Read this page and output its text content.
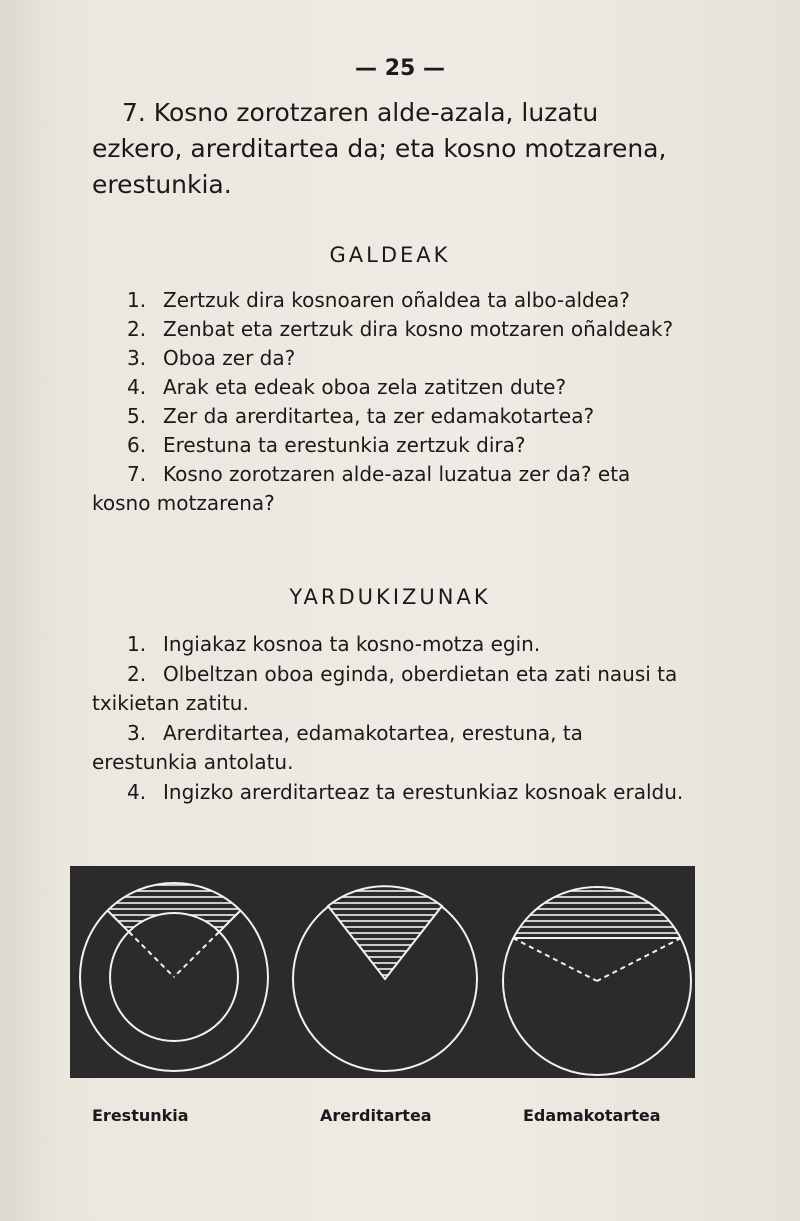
— 25 —
7. Kosno zorotzaren alde-azala, luzatu
ezkero, arerditartea da; eta kosno motzarena,
erestunkia.
GALDEAK
1. Zertzuk dira kosnoaren oñaldea ta albo-aldea?
2. Zenbat eta zertzuk dira kosno motzaren oñaldeak?
3. Oboa zer da?
4. Arak eta edeak oboa zela zatitzen dute?
5. Zer da arerditartea, ta zer edamakotartea?
6. Erestuna ta erestunkia zertzuk dira?
7. Kosno zorotzaren alde-azal luzatua zer da? eta kosno motzarena?
YARDUKIZUNAK
1. Ingiakaz kosnoa ta kosno-motza egin.
2. Olbeltzan oboa eginda, oberdietan eta zati nausi ta txikietan zatitu.
3. Arerditartea, edamakotartea, erestuna, ta erestunkia antolatu.
4. Ingizko arerditarteaz ta erestunkiaz kosnoak eraldu.
Erestunkia	Arerditartea	Edamakotartea
